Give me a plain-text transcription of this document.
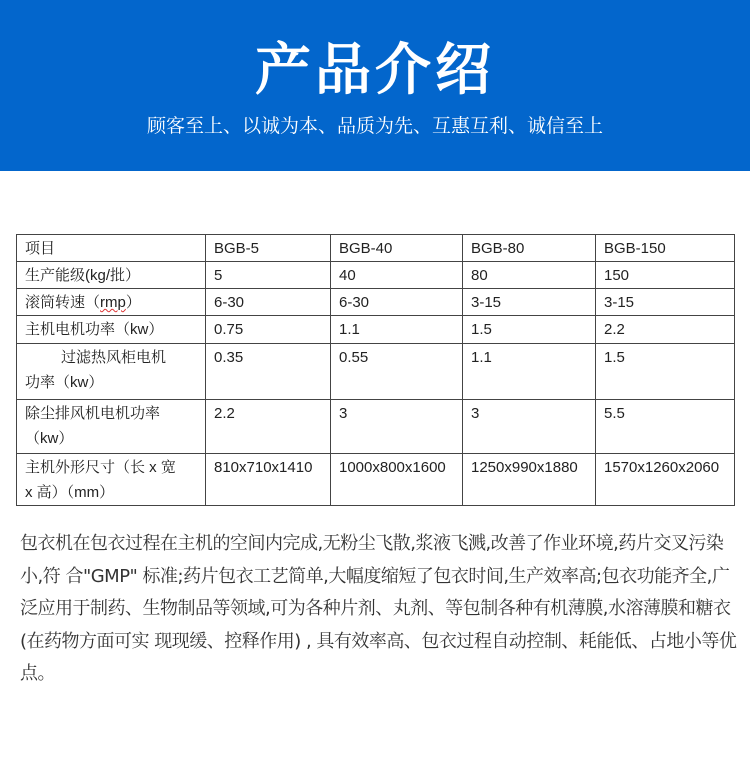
产品介绍
顾客至上、以诚为本、品质为先、互惠互利、诚信至上
项目	BGB-5	BGB-40	BGB-80	BGB-150
生产能级(kg/批）	5	40	80	150
滚筒转速（rmp）	6-30	6-30	3-15	3-15
主机电机功率（kw）	0.75	1.1	1.5	2.2

过滤热风柜电机
功率（kw）	0.35	0.55	1.1	1.5

除尘排风机电机功率
（kw）	2.2	3	3	5.5

主机外形尺寸（长 x 宽
x 高）（mm）	810x710x1410	1000x800x1600	1250x990x1880	1570x1260x2060
包衣机在包衣过程在主机的空间内完成,无粉尘飞散,浆液飞溅,改善了作业环境,药片交叉污染小,符 合"GMP" 标准;药片包衣工艺简单,大幅度缩短了包衣时间,生产效率高;包衣功能齐全,广泛应用于制药、生物制品等领域,可为各种片剂、丸剂、等包制各种有机薄膜,水溶薄膜和糖衣(在药物方面可实 现现缓、控释作用) , 具有效率高、包衣过程自动控制、耗能低、占地小等优点。
